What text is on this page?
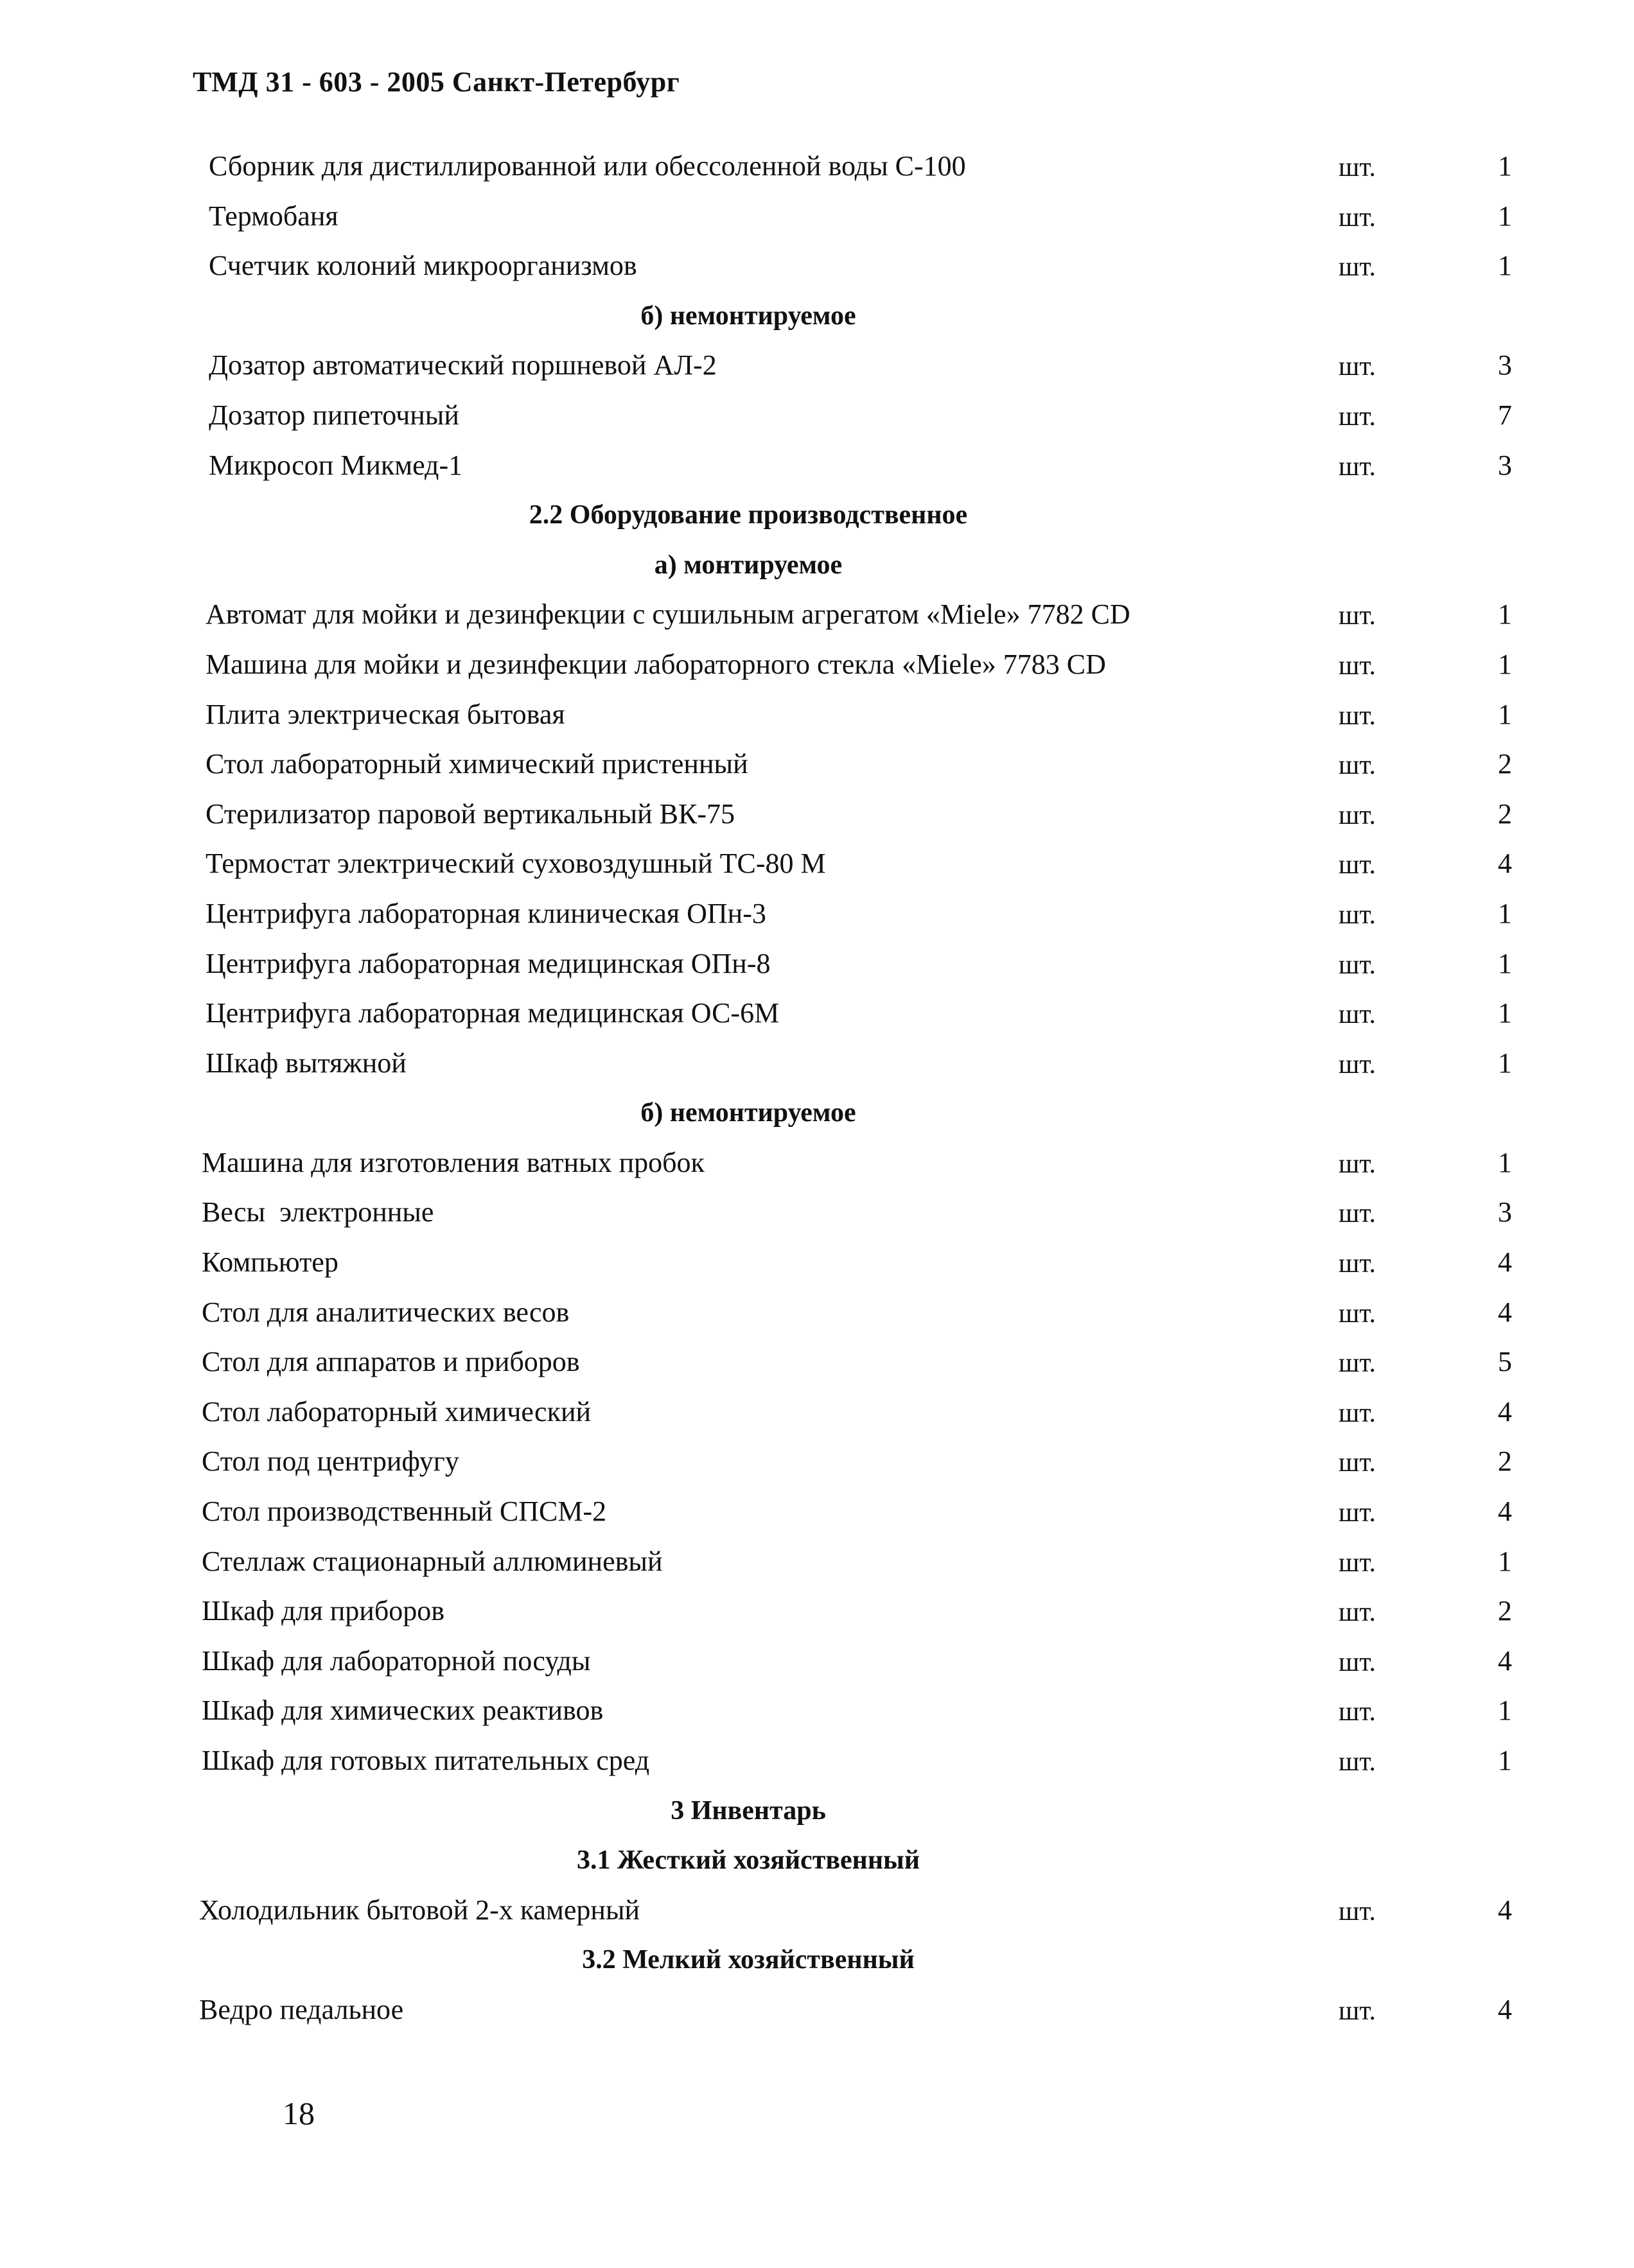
ТМД 31 - 603 - 2005 Санкт-Петербург
Сборник для дистиллированной или обессоленной воды С-100	шт.	1
Термобаня	шт.	1
Счетчик колоний микроорганизмов	шт.	1
б) немонтируемое
Дозатор автоматический поршневой АЛ-2	шт.	3
Дозатор пипеточный	шт.	7
Микросоп Микмед-1	шт.	3
2.2 Оборудование производственное
а) монтируемое
Автомат для мойки и дезинфекции с сушильным агрегатом «Miele» 7782 CD	шт.	1
Машина для мойки и дезинфекции лабораторного стекла «Miele» 7783 CD	шт.	1
Плита электрическая бытовая	шт.	1
Стол лабораторный химический пристенный	шт.	2
Стерилизатор паровой вертикальный ВК-75	шт.	2
Термостат электрический суховоздушный ТС-80 М	шт.	4
Центрифуга лабораторная клиническая ОПн-3	шт.	1
Центрифуга лабораторная медицинская ОПн-8	шт.	1
Центрифуга лабораторная медицинская ОС-6М	шт.	1
Шкаф вытяжной	шт.	1
б) немонтируемое
Машина для изготовления ватных пробок	шт.	1
Весы  электронные	шт.	3
Компьютер	шт.	4
Стол для аналитических весов	шт.	4
Стол для аппаратов и приборов	шт.	5
Стол лабораторный химический	шт.	4
Стол под центрифугу	шт.	2
Стол производственный СПСМ-2	шт.	4
Стеллаж стационарный аллюминевый	шт.	1
Шкаф для приборов	шт.	2
Шкаф для лабораторной посуды	шт.	4
Шкаф для химических реактивов	шт.	1
Шкаф для готовых питательных сред	шт.	1
3 Инвентарь
3.1 Жесткий хозяйственный
Холодильник бытовой 2-х камерный	шт.	4
3.2 Мелкий хозяйственный
Ведро педальное	шт.	4
18
